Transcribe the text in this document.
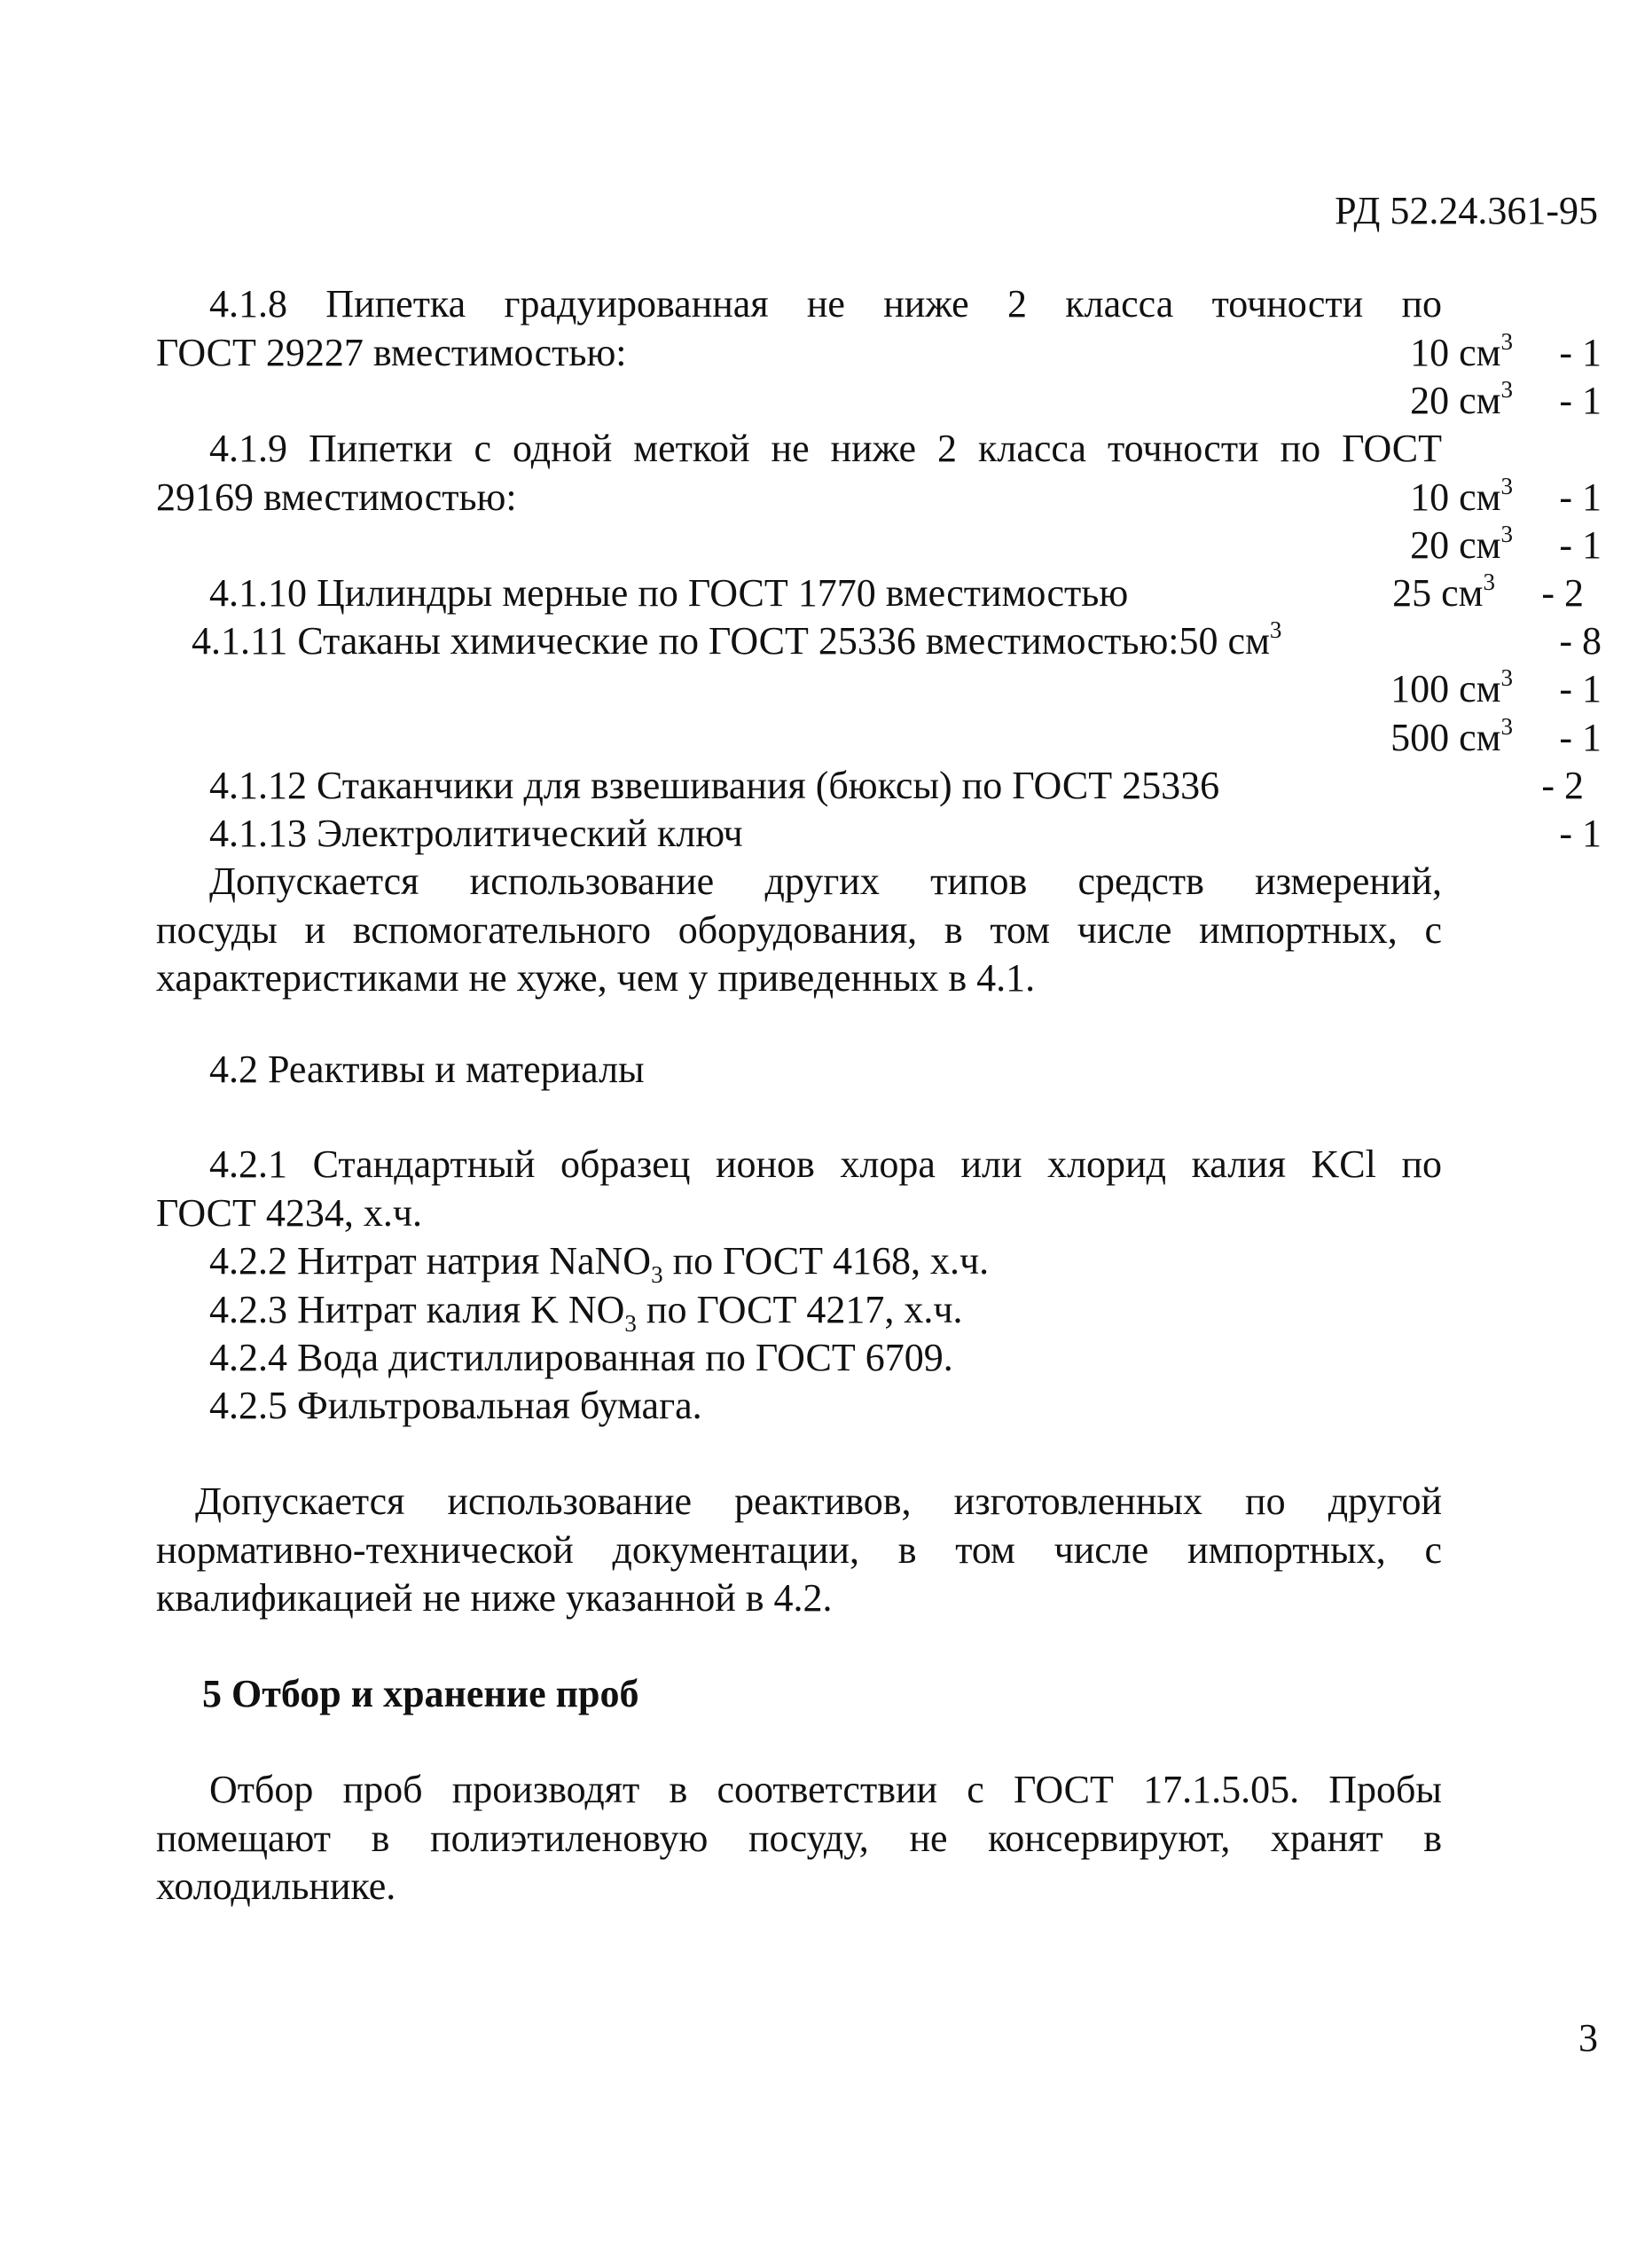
РД 52.24.361-95
4.1.8 Пипетка градуированная не ниже 2 класса точности по
ГОСТ 29227 вместимостью:	10 $см^3$	- 1
20 $см^3$	- 1
4.1.9 Пипетки с одной меткой не ниже 2 класса точности по ГОСТ
29169 вместимостью:	10 $см^3$	- 1
20 $см^3$	- 1
4.1.10 Цилиндры мерные по ГОСТ 1770 вместимостью	25 $см^3$	- 2
4.1.11 Стаканы химические по ГОСТ 25336 вместимостью:50 $см^3$	- 8
100 $см^3$	- 1
500 $см^3$	- 1
4.1.12 Стаканчики для взвешивания (бюксы) по ГОСТ 25336	- 2
4.1.13 Электролитический ключ	- 1
Допускается использование других типов средств измерений,
посуды и вспомогательного оборудования, в том числе импортных, с
характеристиками не хуже, чем у приведенных в 4.1.
4.2 Реактивы и материалы
4.2.1 Стандартный образец ионов хлора или хлорид калия KCl по
ГОСТ 4234, х.ч.
4.2.2 Нитрат натрия NaNO$_3$ по ГОСТ 4168, х.ч.
4.2.3 Нитрат калия K $NO_3$ по ГОСТ 4217, х.ч.
4.2.4 Вода дистиллированная по ГОСТ 6709.
4.2.5 Фильтровальная бумага.
Допускается использование реактивов, изготовленных по другой
нормативно-технической документации, в том числе импортных, с
квалификацией не ниже указанной в 4.2.
5 Отбор и хранение проб
Отбор проб производят в соответствии с ГОСТ 17.1.5.05. Пробы
помещают в полиэтиленовую посуду, не консервируют, хранят в
холодильнике.
3
